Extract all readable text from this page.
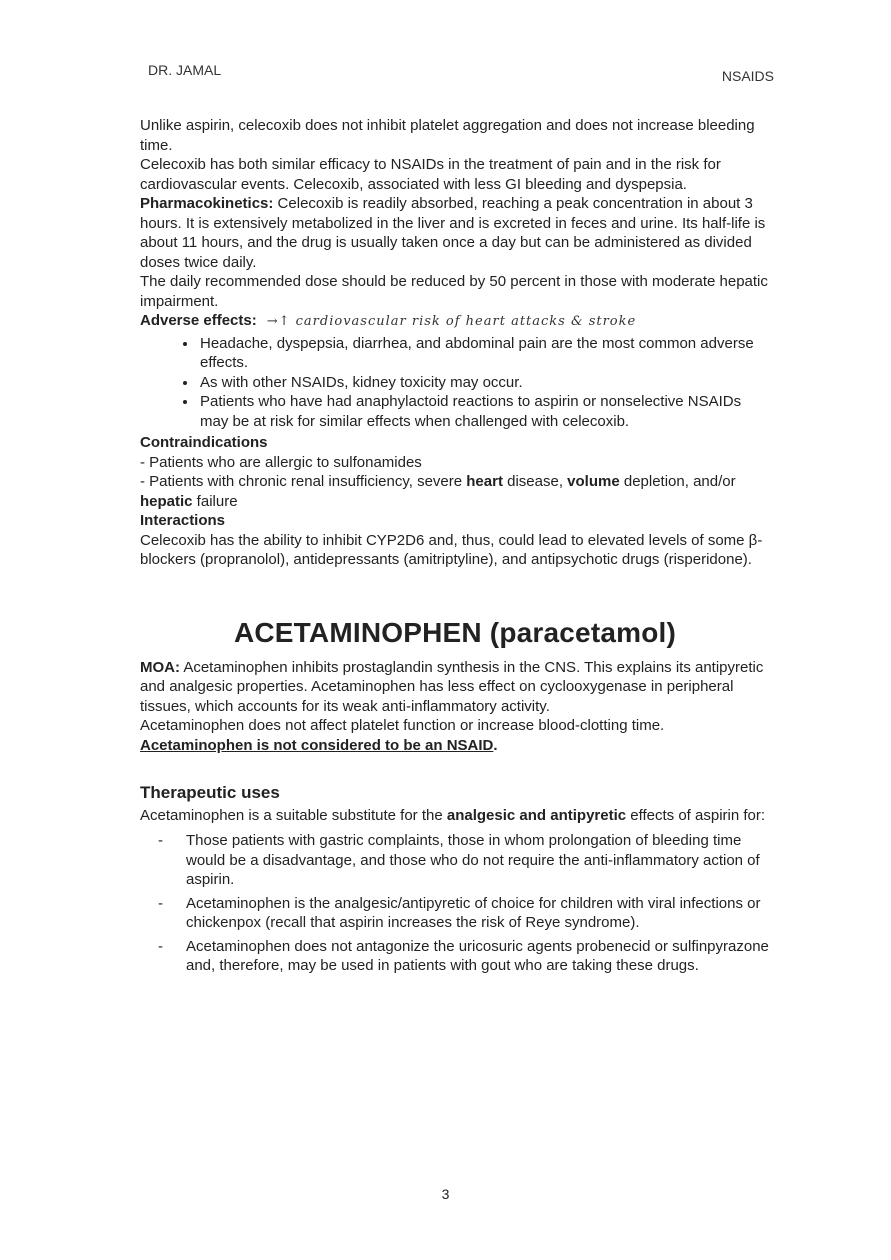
DR. JAMAL	NSAIDS

Unlike aspirin, celecoxib does not inhibit platelet aggregation and does not increase bleeding time.

Celecoxib has both similar efficacy to NSAIDs in the treatment of pain and in the risk for cardiovascular events. Celecoxib, associated with less GI bleeding and dyspepsia.

Pharmacokinetics: Celecoxib is readily absorbed, reaching a peak concentration in about 3 hours. It is extensively metabolized in the liver and is excreted in feces and urine. Its half-life is about 11 hours, and the drug is usually taken once a day but can be administered as divided doses twice daily.

The daily recommended dose should be reduced by 50 percent in those with moderate hepatic impairment.

Adverse effects: →↑ cardiovascular risk of heart attacks & stroke

• Headache, dyspepsia, diarrhea, and abdominal pain are the most common adverse effects.
• As with other NSAIDs, kidney toxicity may occur.
• Patients who have had anaphylactoid reactions to aspirin or nonselective NSAIDs may be at risk for similar effects when challenged with celecoxib.

Contraindications

- Patients who are allergic to sulfonamides

- Patients with chronic renal insufficiency, severe heart disease, volume depletion, and/or hepatic failure

Interactions

Celecoxib has the ability to inhibit CYP2D6 and, thus, could lead to elevated levels of some β-blockers (propranolol), antidepressants (amitriptyline), and antipsychotic drugs (risperidone).

ACETAMINOPHEN (paracetamol)

MOA: Acetaminophen inhibits prostaglandin synthesis in the CNS. This explains its antipyretic and analgesic properties. Acetaminophen has less effect on cyclooxygenase in peripheral tissues, which accounts for its weak anti-inflammatory activity.

Acetaminophen does not affect platelet function or increase blood-clotting time.

Acetaminophen is not considered to be an NSAID.

Therapeutic uses

Acetaminophen is a suitable substitute for the analgesic and antipyretic effects of aspirin for:

- Those patients with gastric complaints, those in whom prolongation of bleeding time would be a disadvantage, and those who do not require the anti-inflammatory action of aspirin.
- Acetaminophen is the analgesic/antipyretic of choice for children with viral infections or chickenpox (recall that aspirin increases the risk of Reye syndrome).
- Acetaminophen does not antagonize the uricosuric agents probenecid or sulfinpyrazone and, therefore, may be used in patients with gout who are taking these drugs.
3
